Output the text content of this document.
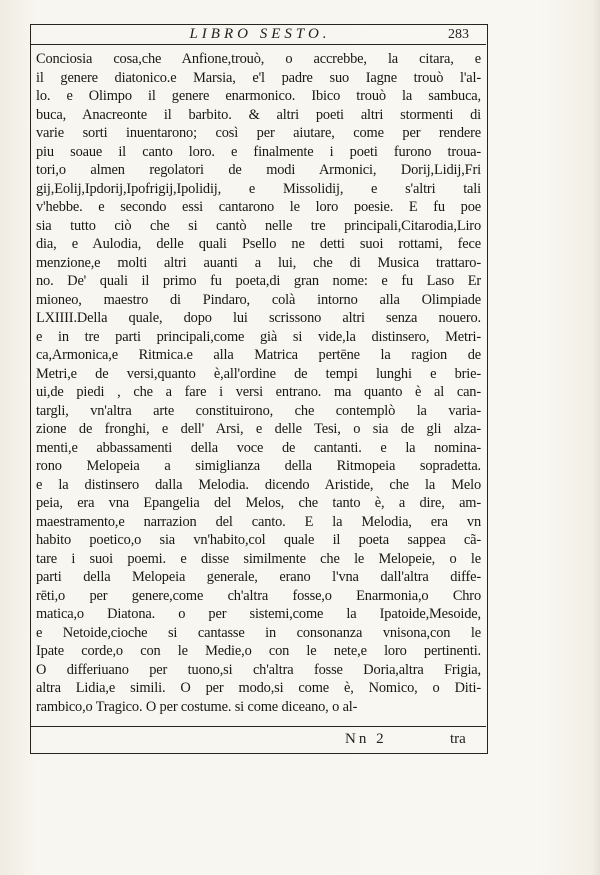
LIBRO SESTO.	283
Conciosia cosa,che Anfione,trouò, o accrebbe, la citara, e
il genere diatonico.e Marsia, e'l padre suo Iagne trouò l'al-
lo. e Olimpo il genere enarmonico. Ibico trouò la sambuca,
buca, Anacreonte il barbito. & altri poeti altri stormenti di
varie sorti inuentarono; così per aiutare, come per rendere
piu soaue il canto loro. e finalmente i poeti furono troua-
tori,o almen regolatori de modi Armonici, Dorij,Lidij,Fri
gij,Eolij,Ipdorij,Ipofrigij,Ipolidij, e Missolidij, e s'altri tali
v'hebbe. e secondo essi cantarono le loro poesie. E fu poe
sia tutto ciò che si cantò nelle tre principali,Citarodia,Liro
dia, e Aulodia, delle quali Psello ne detti suoi rottami, fece
menzione,e molti altri auanti a lui, che di Musica trattaro-
no. De' quali il primo fu poeta,di gran nome: e fu Laso Er
mioneo, maestro di Pindaro, colà intorno alla Olimpiade
LXIIII.Della quale, dopo lui scrissono altri senza nouero.
e in tre parti principali,come già si vide,la distinsero, Metri-
ca,Armonica,e Ritmica.e alla Matrica pertēne la ragion de
Metri,e de versi,quanto è,all'ordine de tempi lunghi e brie-
ui,de piedi , che a fare i versi entrano. ma quanto è al can-
targli, vn'altra arte constituirono, che contemplò la varia-
zione de fronghi, e dell' Arsi, e delle Tesi, o sia de gli alza-
menti,e abbassamenti della voce de cantanti. e la nomina-
rono Melopeia a simiglianza della Ritmopeia sopradetta.
e la distinsero dalla Melodia. dicendo Aristide, che la Melo
peia, era vna Epangelia del Melos, che tanto è, a dire, am-
maestramento,e narrazion del canto. E la Melodia, era vn
habito poetico,o sia vn'habito,col quale il poeta sappea cã-
tare i suoi poemi. e disse similmente che le Melopeie, o le
parti della Melopeia generale, erano l'vna dall'altra diffe-
rēti,o per genere,come ch'altra fosse,o Enarmonia,o Chro
matica,o Diatona. o per sistemi,come la Ipatoide,Mesoide,
e Netoide,cioche si cantasse in consonanza vnisona,con le
Ipate corde,o con le Medie,o con le nete,e loro pertinenti.
O differiuano per tuono,si ch'altra fosse Doria,altra Frigia,
altra Lidia,e simili. O per modo,si come è, Nomico, o Diti-
rambico,o Tragico. O per costume. si come diceano, o al-
Nn 2	tra
